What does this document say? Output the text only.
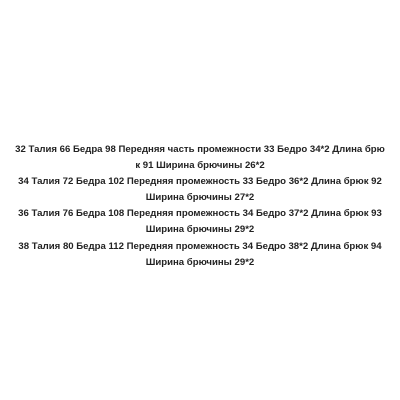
32 Талия 66 Бедра 98 Передняя часть промежности 33 Бедро 34*2 Длина брю
к 91 Ширина брючины 26*2
34 Талия 72 Бедра 102 Передняя промежность 33 Бедро 36*2 Длина брюк 92
Ширина брючины 27*2
36 Талия 76 Бедра 108 Передняя промежность 34 Бедро 37*2 Длина брюк 93
Ширина брючины 29*2
38 Талия 80 Бедра 112 Передняя промежность 34 Бедро 38*2 Длина брюк 94
Ширина брючины 29*2
